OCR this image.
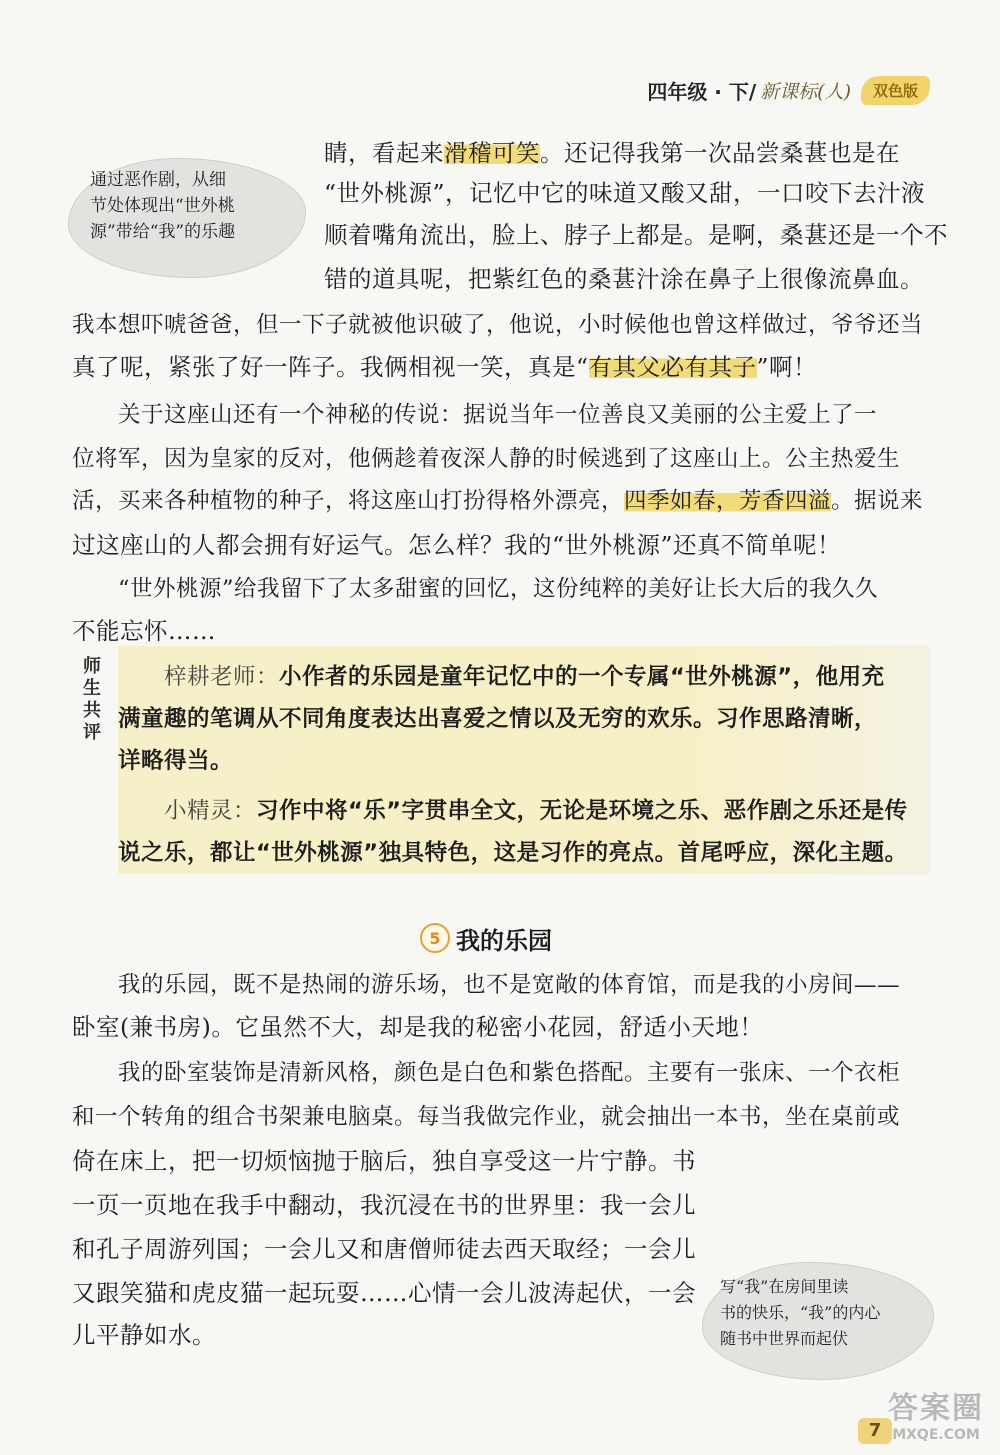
四年级 · 下/ 新课标(人)	双色版
通过恶作剧，从细
节处体现出“世外桃
源”带给“我”的乐趣
睛，看起来滑稽可笑。还记得我第一次品尝桑葚也是在
“世外桃源”，记忆中它的味道又酸又甜，一口咬下去汁液
顺着嘴角流出，脸上、脖子上都是。是啊，桑葚还是一个不
错的道具呢，把紫红色的桑葚汁涂在鼻子上很像流鼻血。
我本想吓唬爸爸，但一下子就被他识破了，他说，小时候他也曾这样做过，爷爷还当
真了呢，紧张了好一阵子。我俩相视一笑，真是“有其父必有其子”啊！
关于这座山还有一个神秘的传说：据说当年一位善良又美丽的公主爱上了一
位将军，因为皇家的反对，他俩趁着夜深人静的时候逃到了这座山上。公主热爱生
活，买来各种植物的种子，将这座山打扮得格外漂亮，四季如春，芳香四溢。据说来
过这座山的人都会拥有好运气。怎么样？我的“世外桃源”还真不简单呢！
“世外桃源”给我留下了太多甜蜜的回忆，这份纯粹的美好让长大后的我久久
不能忘怀……
师
生
共
评
梓耕老师：小作者的乐园是童年记忆中的一个专属“世外桃源”，他用充
满童趣的笔调从不同角度表达出喜爱之情以及无穷的欢乐。习作思路清晰，
详略得当。
小精灵：习作中将“乐”字贯串全文，无论是环境之乐、恶作剧之乐还是传
说之乐，都让“世外桃源”独具特色，这是习作的亮点。首尾呼应，深化主题。
5 我的乐园
我的乐园，既不是热闹的游乐场，也不是宽敞的体育馆，而是我的小房间——
卧室(兼书房)。它虽然不大，却是我的秘密小花园，舒适小天地！
我的卧室装饰是清新风格，颜色是白色和紫色搭配。主要有一张床、一个衣柜
和一个转角的组合书架兼电脑桌。每当我做完作业，就会抽出一本书，坐在桌前或
倚在床上，把一切烦恼抛于脑后，独自享受这一片宁静。书
一页一页地在我手中翻动，我沉浸在书的世界里：我一会儿
和孔子周游列国；一会儿又和唐僧师徒去西天取经；一会儿
又跟笑猫和虎皮猫一起玩耍……心情一会儿波涛起伏，一会
儿平静如水。
写“我”在房间里读
书的快乐，“我”的内心
随书中世界而起伏
7
答案圈
MXQE.COM
